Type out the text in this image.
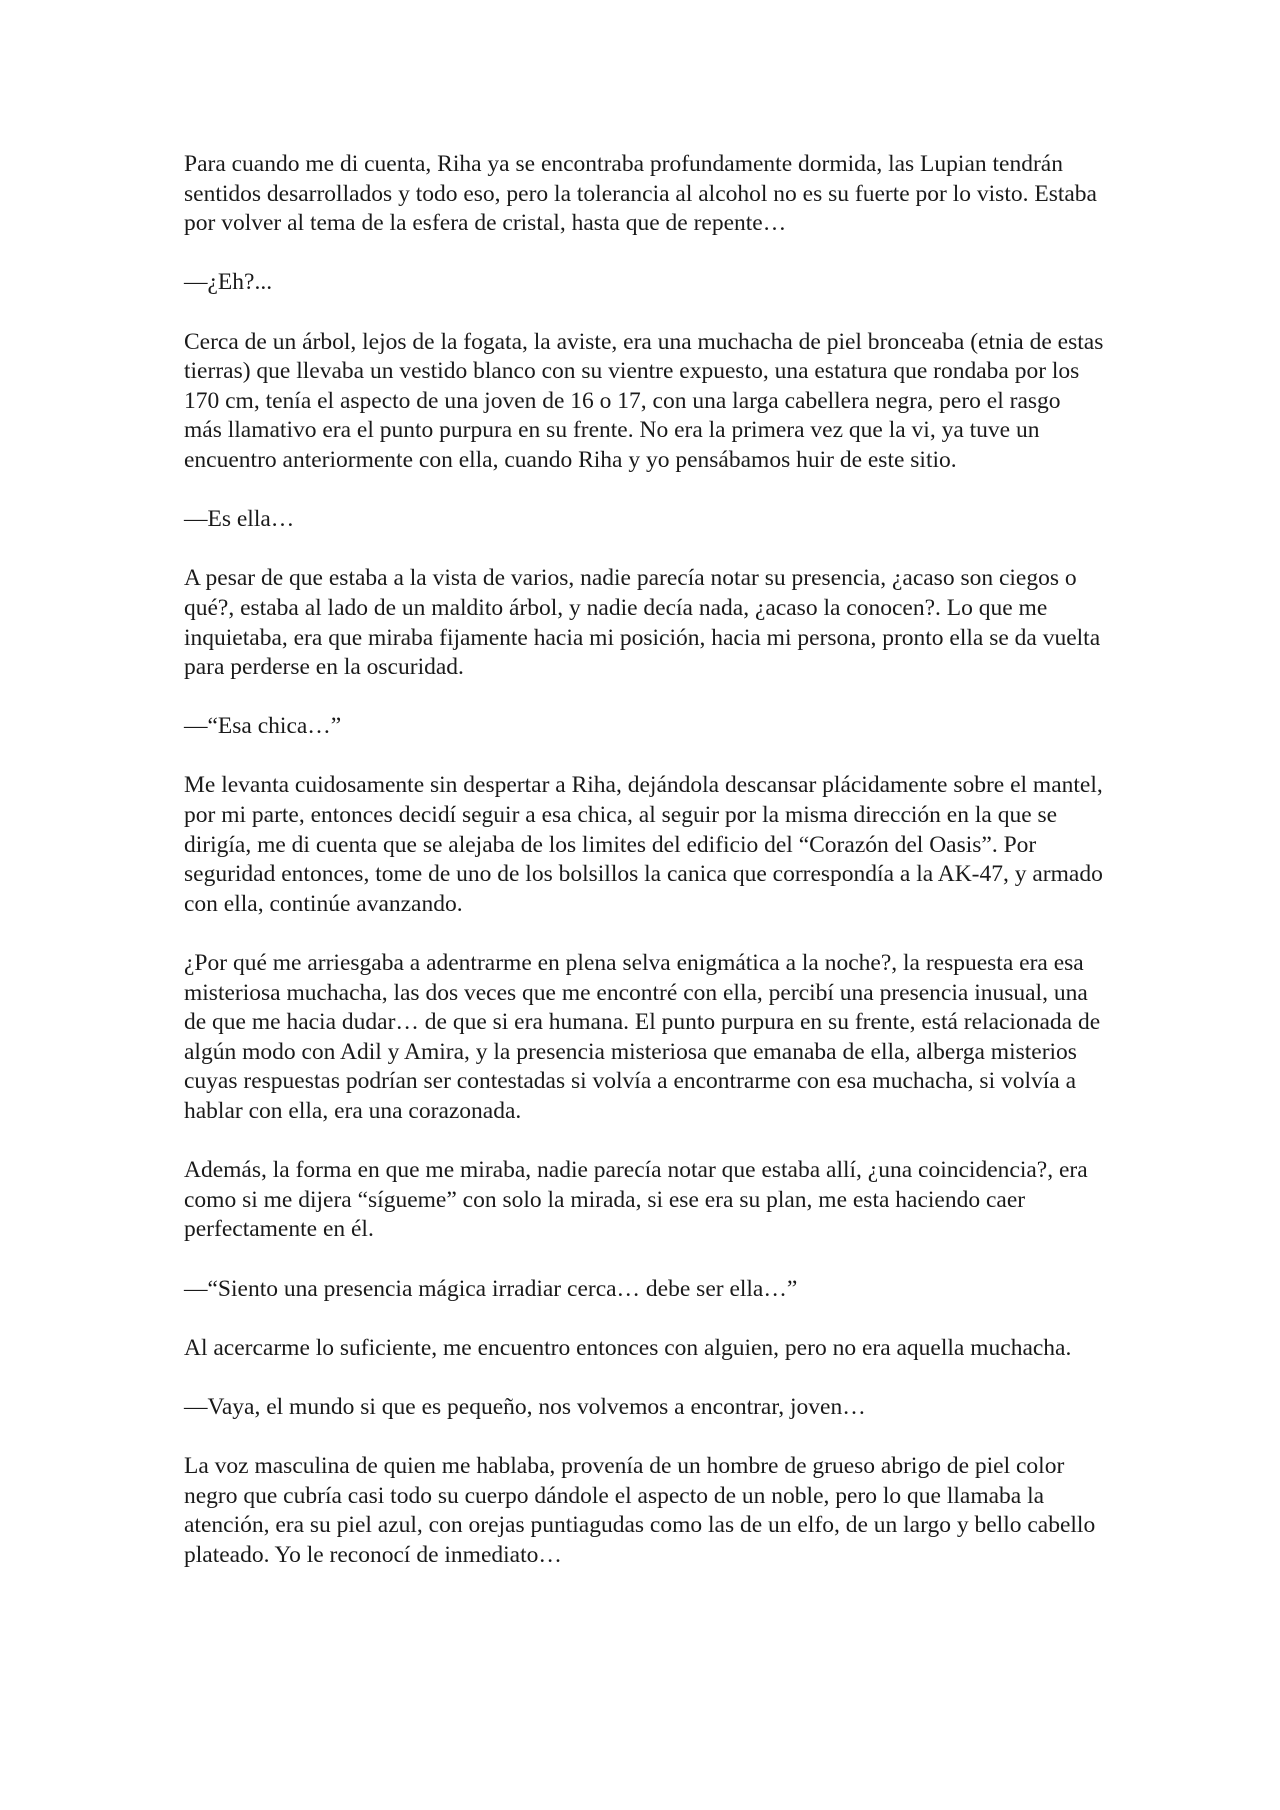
Para cuando me di cuenta, Riha ya se encontraba profundamente dormida, las Lupian tendrán sentidos desarrollados y todo eso, pero la tolerancia al alcohol no es su fuerte por lo visto. Estaba por volver al tema de la esfera de cristal, hasta que de repente…

—¿Eh?...

Cerca de un árbol, lejos de la fogata, la aviste, era una muchacha de piel bronceaba (etnia de estas tierras) que llevaba un vestido blanco con su vientre expuesto, una estatura que rondaba por los 170 cm, tenía el aspecto de una joven de 16 o 17, con una larga cabellera negra, pero el rasgo más llamativo era el punto purpura en su frente. No era la primera vez que la vi, ya tuve un encuentro anteriormente con ella, cuando Riha y yo pensábamos huir de este sitio.

—Es ella…

A pesar de que estaba a la vista de varios, nadie parecía notar su presencia, ¿acaso son ciegos o qué?, estaba al lado de un maldito árbol, y nadie decía nada, ¿acaso la conocen?. Lo que me inquietaba, era que miraba fijamente hacia mi posición, hacia mi persona, pronto ella se da vuelta para perderse en la oscuridad.

—“Esa chica…”

Me levanta cuidosamente sin despertar a Riha, dejándola descansar plácidamente sobre el mantel, por mi parte, entonces decidí seguir a esa chica, al seguir por la misma dirección en la que se dirigía, me di cuenta que se alejaba de los limites del edificio del “Corazón del Oasis”. Por seguridad entonces, tome de uno de los bolsillos la canica que correspondía a la AK-47, y armado con ella, continúe avanzando.

¿Por qué me arriesgaba a adentrarme en plena selva enigmática a la noche?, la respuesta era esa misteriosa muchacha, las dos veces que me encontré con ella, percibí una presencia inusual, una de que me hacia dudar… de que si era humana. El punto purpura en su frente, está relacionada de algún modo con Adil y Amira, y la presencia misteriosa que emanaba de ella, alberga misterios cuyas respuestas podrían ser contestadas si volvía a encontrarme con esa muchacha, si volvía a hablar con ella, era una corazonada.

Además, la forma en que me miraba, nadie parecía notar que estaba allí, ¿una coincidencia?, era como si me dijera “sígueme” con solo la mirada, si ese era su plan, me esta haciendo caer perfectamente en él.

—“Siento una presencia mágica irradiar cerca… debe ser ella…”

Al acercarme lo suficiente, me encuentro entonces con alguien, pero no era aquella muchacha.

—Vaya, el mundo si que es pequeño, nos volvemos a encontrar, joven…

La voz masculina de quien me hablaba, provenía de un hombre de grueso abrigo de piel color negro que cubría casi todo su cuerpo dándole el aspecto de un noble, pero lo que llamaba la atención, era su piel azul, con orejas puntiagudas como las de un elfo, de un largo y bello cabello plateado. Yo le reconocí de inmediato…
